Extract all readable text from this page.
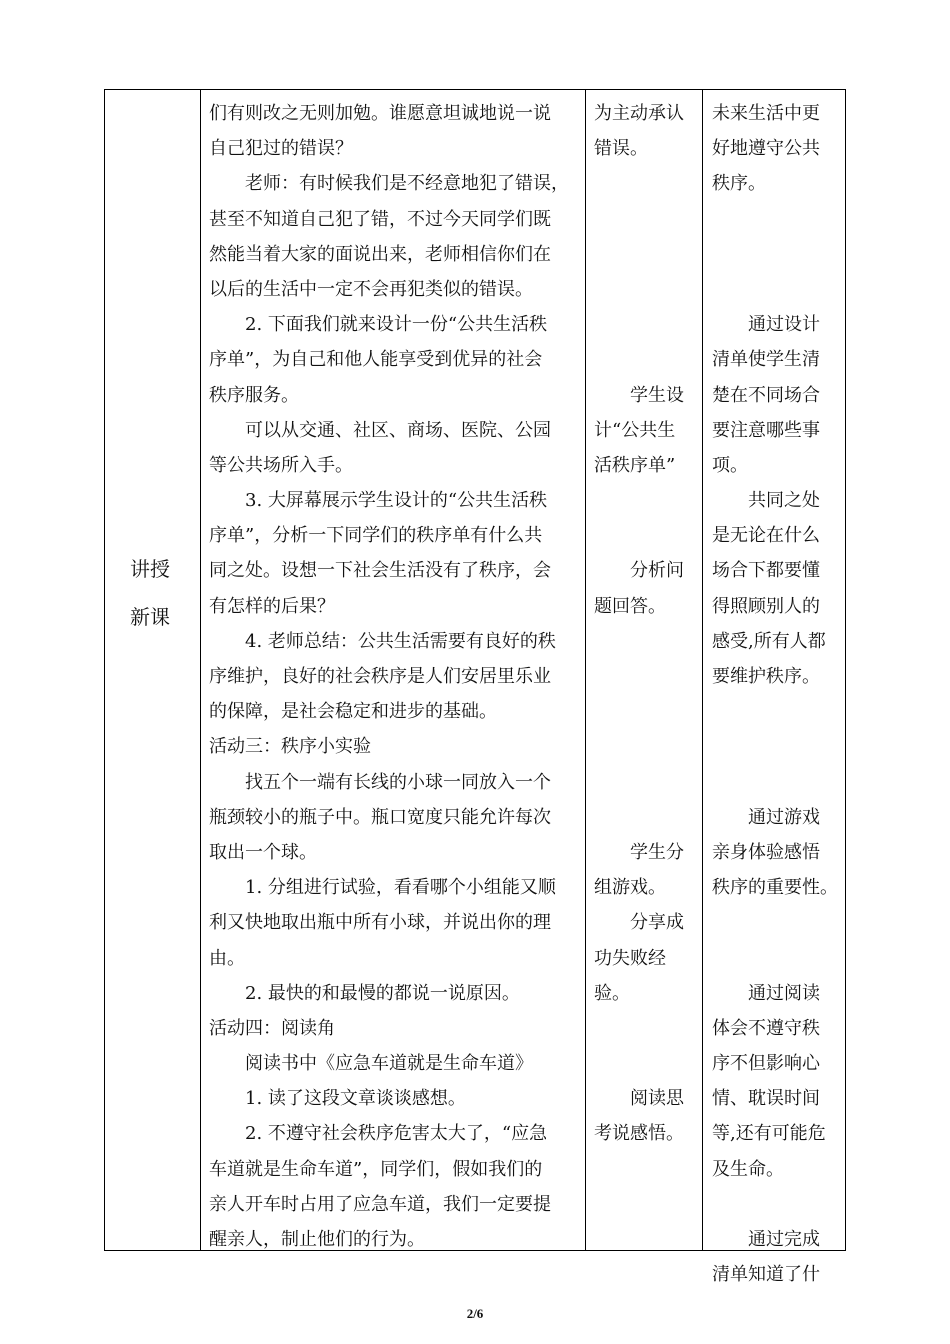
讲授
新课
们有则改之无则加勉。谁愿意坦诚地说一说
自己犯过的错误？
　　老师：有时候我们是不经意地犯了错误，
甚至不知道自己犯了错，不过今天同学们既
然能当着大家的面说出来，老师相信你们在
以后的生活中一定不会再犯类似的错误。
　　2. 下面我们就来设计一份“公共生活秩
序单”，为自己和他人能享受到优异的社会
秩序服务。
　　可以从交通、社区、商场、医院、公园
等公共场所入手。
　　3. 大屏幕展示学生设计的“公共生活秩
序单”，分析一下同学们的秩序单有什么共
同之处。设想一下社会生活没有了秩序，会
有怎样的后果？
　　4. 老师总结：公共生活需要有良好的秩
序维护，良好的社会秩序是人们安居里乐业
的保障，是社会稳定和进步的基础。
活动三：秩序小实验
　　找五个一端有长线的小球一同放入一个
瓶颈较小的瓶子中。瓶口宽度只能允许每次
取出一个球。
　　1. 分组进行试验，看看哪个小组能又顺
利又快地取出瓶中所有小球，并说出你的理
由。
　　2. 最快的和最慢的都说一说原因。
活动四：阅读角
　　阅读书中《应急车道就是生命车道》
　　1. 读了这段文章谈谈感想。
　　2. 不遵守社会秩序危害太大了，“应急
车道就是生命车道”，同学们，假如我们的
亲人开车时占用了应急车道，我们一定要提
醒亲人，制止他们的行为。
为主动承认
错误。
　　学生设
计“公共生
活秩序单”
　　分析问
题回答。
　　学生分
组游戏。
　　分享成
功失败经
验。
　　阅读思
考说感悟。
未来生活中更
好地遵守公共
秩序。
　　通过设计
清单使学生清
楚在不同场合
要注意哪些事
项。
　　共同之处
是无论在什么
场合下都要懂
得照顾别人的
感受,所有人都
要维护秩序。
　　通过游戏
亲身体验感悟
秩序的重要性。
　　通过阅读
体会不遵守秩
序不但影响心
情、耽误时间
等,还有可能危
及生命。
　　通过完成
清单知道了什
2/6
